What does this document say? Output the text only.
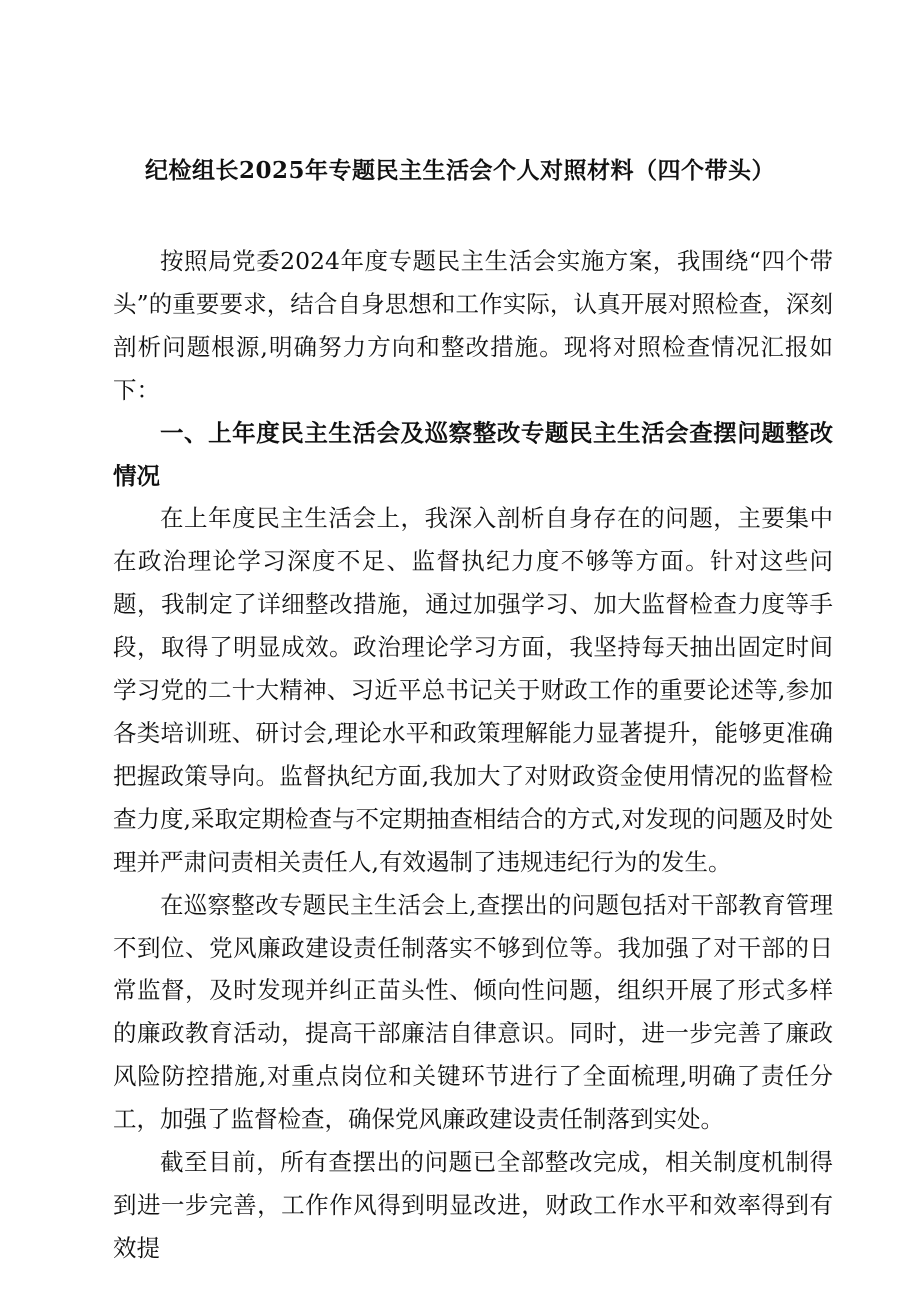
纪检组长2025年专题民主生活会个人对照材料（四个带头）

按照局党委2024年度专题民主生活会实施方案，我围绕“四个带头”的重要要求，结合自身思想和工作实际，认真开展对照检查，深刻剖析问题根源,明确努力方向和整改措施。现将对照检查情况汇报如下：

一、上年度民主生活会及巡察整改专题民主生活会查摆问题整改情况

在上年度民主生活会上，我深入剖析自身存在的问题，主要集中在政治理论学习深度不足、监督执纪力度不够等方面。针对这些问题，我制定了详细整改措施，通过加强学习、加大监督检查力度等手段，取得了明显成效。政治理论学习方面，我坚持每天抽出固定时间学习党的二十大精神、习近平总书记关于财政工作的重要论述等,参加各类培训班、研讨会,理论水平和政策理解能力显著提升，能够更准确把握政策导向。监督执纪方面,我加大了对财政资金使用情况的监督检查力度,采取定期检查与不定期抽查相结合的方式,对发现的问题及时处理并严肃问责相关责任人,有效遏制了违规违纪行为的发生。

在巡察整改专题民主生活会上,查摆出的问题包括对干部教育管理不到位、党风廉政建设责任制落实不够到位等。我加强了对干部的日常监督，及时发现并纠正苗头性、倾向性问题，组织开展了形式多样的廉政教育活动，提高干部廉洁自律意识。同时，进一步完善了廉政风险防控措施,对重点岗位和关键环节进行了全面梳理,明确了责任分工，加强了监督检查，确保党风廉政建设责任制落到实处。

截至目前，所有查摆出的问题已全部整改完成，相关制度机制得到进一步完善，工作作风得到明显改进，财政工作水平和效率得到有效提
